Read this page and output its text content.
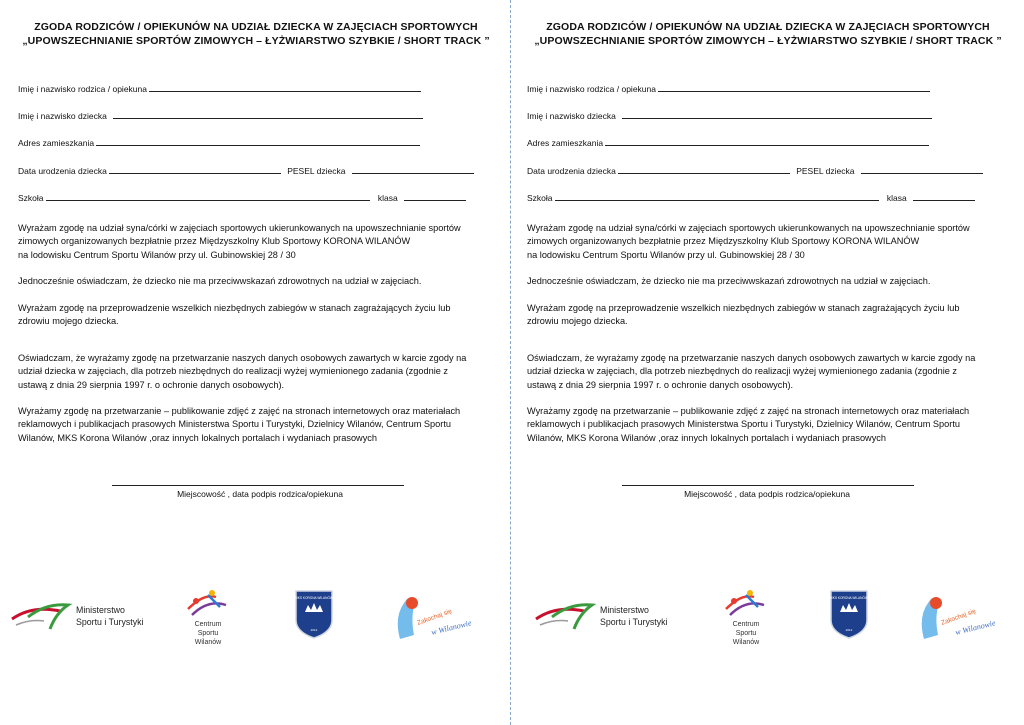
ZGODA RODZICÓW / OPIEKUNÓW NA UDZIAŁ DZIECKA W ZAJĘCIACH SPORTOWYCH
„UPOWSZECHNIANIE SPORTÓW ZIMOWYCH – ŁYŻWIARSTWO SZYBKIE / SHORT TRACK ”
Imię i nazwisko rodzica / opiekuna
Imię i nazwisko dziecka
Adres zamieszkania
Data urodzenia dziecka	PESEL dziecka
Szkoła	klasa
Wyrażam zgodę na udział syna/córki w zajęciach sportowych ukierunkowanych na upowszechnianie sportów
zimowych organizowanych bezpłatnie przez Międzyszkolny Klub Sportowy KORONA WILANÓW
na lodowisku Centrum Sportu Wilanów przy ul. Gubinowskiej 28 / 30
Jednocześnie oświadczam, że dziecko nie ma przeciwwskazań zdrowotnych na udział w zajęciach.
Wyrażam zgodę na przeprowadzenie wszelkich niezbędnych zabiegów w stanach zagrażających życiu lub
zdrowiu mojego dziecka.
Oświadczam, że wyrażamy zgodę na przetwarzanie naszych danych osobowych zawartych w karcie zgody na
udział dziecka w zajęciach, dla potrzeb niezbędnych do realizacji wyżej wymienionego zadania (zgodnie z
ustawą z dnia 29 sierpnia 1997 r. o ochronie danych osobowych).
Wyrażamy zgodę na przetwarzanie – publikowanie zdjęć z zajęć na stronach internetowych oraz materiałach
reklamowych i publikacjach prasowych Ministerstwa Sportu i Turystyki, Dzielnicy Wilanów, Centrum Sportu
Wilanów, MKS Korona Wilanów ,oraz innych lokalnych portalach i wydaniach prasowych
Miejscowość , data podpis rodzica/opiekuna
Ministerstwo
Sportu i Turystyki	Centrum Sportu
Wilanów
MKS KORONA WILANÓW
2012
Zakochaj się
w Wilanowie
ZGODA RODZICÓW / OPIEKUNÓW NA UDZIAŁ DZIECKA W ZAJĘCIACH SPORTOWYCH
„UPOWSZECHNIANIE SPORTÓW ZIMOWYCH – ŁYŻWIARSTWO SZYBKIE / SHORT TRACK ”
Imię i nazwisko rodzica / opiekuna
Imię i nazwisko dziecka
Adres zamieszkania
Data urodzenia dziecka	PESEL dziecka
Szkoła	klasa
Wyrażam zgodę na udział syna/córki w zajęciach sportowych ukierunkowanych na upowszechnianie sportów
zimowych organizowanych bezpłatnie przez Międzyszkolny Klub Sportowy KORONA WILANÓW
na lodowisku Centrum Sportu Wilanów przy ul. Gubinowskiej 28 / 30
Jednocześnie oświadczam, że dziecko nie ma przeciwwskazań zdrowotnych na udział w zajęciach.
Wyrażam zgodę na przeprowadzenie wszelkich niezbędnych zabiegów w stanach zagrażających życiu lub
zdrowiu mojego dziecka.
Oświadczam, że wyrażamy zgodę na przetwarzanie naszych danych osobowych zawartych w karcie zgody na
udział dziecka w zajęciach, dla potrzeb niezbędnych do realizacji wyżej wymienionego zadania (zgodnie z
ustawą z dnia 29 sierpnia 1997 r. o ochronie danych osobowych).
Wyrażamy zgodę na przetwarzanie – publikowanie zdjęć z zajęć na stronach internetowych oraz materiałach
reklamowych i publikacjach prasowych Ministerstwa Sportu i Turystyki, Dzielnicy Wilanów, Centrum Sportu
Wilanów, MKS Korona Wilanów ,oraz innych lokalnych portalach i wydaniach prasowych
Miejscowość , data podpis rodzica/opiekuna
Ministerstwo
Sportu i Turystyki	Centrum Sportu
Wilanów
MKS KORONA WILANÓW
2012
Zakochaj się
w Wilanowie
